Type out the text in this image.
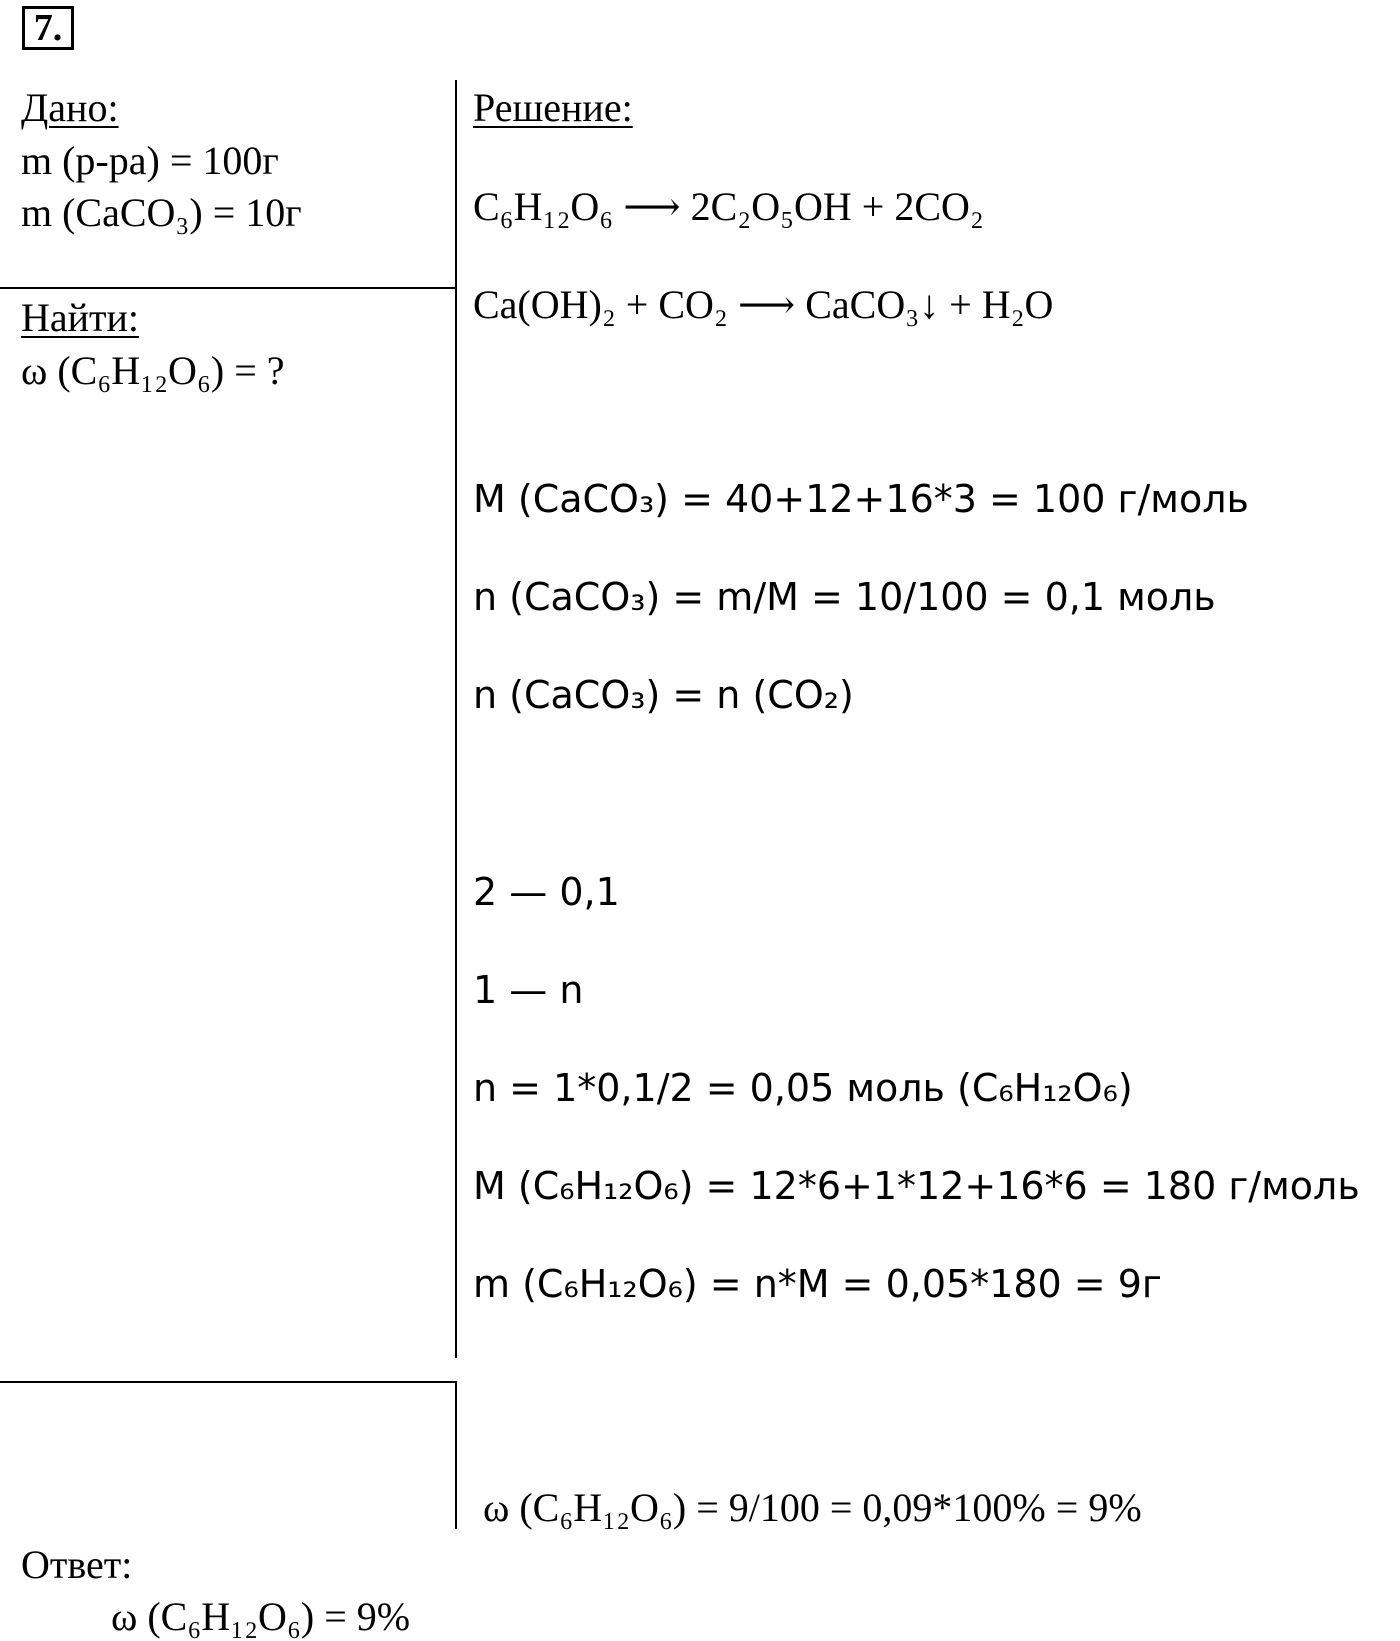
7.
Дано:
m (р-ра) = 100г
m (CaCO₃) = 10г
Найти:
ω (C₆H₁₂O₆) = ?
Решение:
C₆H₁₂O₆ ⟶ 2C₂O₅OH + 2CO₂
Ca(OH)₂ + CO₂ ⟶ CaCO₃↓ + H₂O
M (CaCO₃) = 40+12+16*3 = 100 г/моль
n (CaCO₃) = m/M = 10/100 = 0,1 моль
n (CaCO₃) = n (CO₂)
2 — 0,1
1 — n
n = 1*0,1/2 = 0,05 моль (C₆H₁₂O₆)
M (C₆H₁₂O₆) = 12*6+1*12+16*6 = 180 г/моль
m (C₆H₁₂O₆) = n*M = 0,05*180 = 9г
ω (C₆H₁₂O₆) = 9/100 = 0,09*100% = 9%
Ответ:
ω (C₆H₁₂O₆) = 9%
